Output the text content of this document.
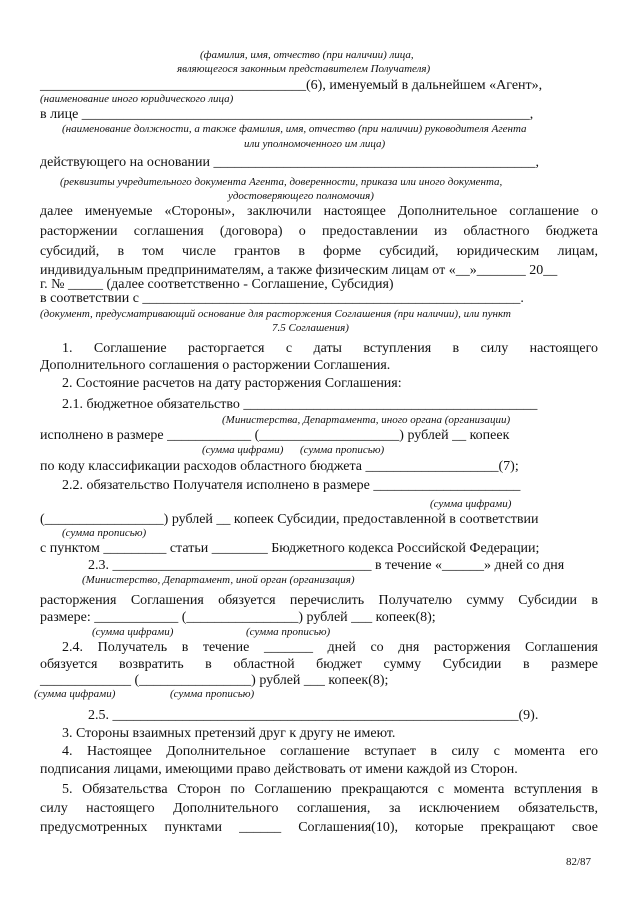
(фамилия, имя, отчество (при наличии) лица,
являющегося законным представителем Получателя)
(наименование иного юридического лица)
(наименование должности, а также фамилия, имя, отчество (при наличии) руководителя Агента
или уполномоченного им лица)
(реквизиты учредительного документа Агента, доверенности, приказа или иного документа,
удостоверяющего полномочия)
(документ, предусматривающий основание для расторжения Соглашения (при наличии), или пункт
7.5 Соглашения)
(Министерства, Департамента, иного органа (организации)
(сумма цифрами) (сумма прописью)
(сумма цифрами)
(сумма прописью)
(Министерство, Департамент, иной орган (организация)
(сумма цифрами)	(сумма прописью)
(сумма цифрами)	(сумма прописью)
______________________________________(6), именуемый в дальнейшем «Агент»,
в лице ________________________________________________________________,
действующего на основании ______________________________________________,
далее именуемые «Стороны», заключили настоящее Дополнительное соглашение о
расторжении соглашения (договора) о предоставлении из областного бюджета
субсидий, в том числе грантов в форме субсидий, юридическим лицам,
индивидуальным предпринимателям, а также физическим лицам от «__»_______ 20__
г. № _____ (далее соответственно - Соглашение, Субсидия)
в соответствии с ______________________________________________________.
1. Соглашение расторгается с даты вступления в силу настоящего
Дополнительного соглашения о расторжении Соглашения.
2. Состояние расчетов на дату расторжения Соглашения:
2.1. бюджетное обязательство __________________________________________
исполнено в размере ____________ (____________________) рублей __ копеек
по коду классификации расходов областного бюджета ___________________(7);
2.2. обязательство Получателя исполнено в размере _____________________
(_________________) рублей __ копеек Субсидии, предоставленной в соответствии
с пунктом _________ статьи ________ Бюджетного кодекса Российской Федерации;
2.3. _____________________________________ в течение «______» дней со дня
расторжения Соглашения обязуется перечислить Получателю сумму Субсидии в
размере: ____________ (________________) рублей ___ копеек(8);
2.4. Получатель в течение _______ дней со дня расторжения Соглашения
обязуется возвратить в областной бюджет сумму Субсидии в размере
_____________ (________________) рублей ___ копеек(8);
2.5. __________________________________________________________(9).
3. Стороны взаимных претензий друг к другу не имеют.
4. Настоящее Дополнительное соглашение вступает в силу с момента его
подписания лицами, имеющими право действовать от имени каждой из Сторон.
5. Обязательства Сторон по Соглашению прекращаются с момента вступления в
силу настоящего Дополнительного соглашения, за исключением обязательств,
предусмотренных пунктами ______ Соглашения(10), которые прекращают свое
82/87
